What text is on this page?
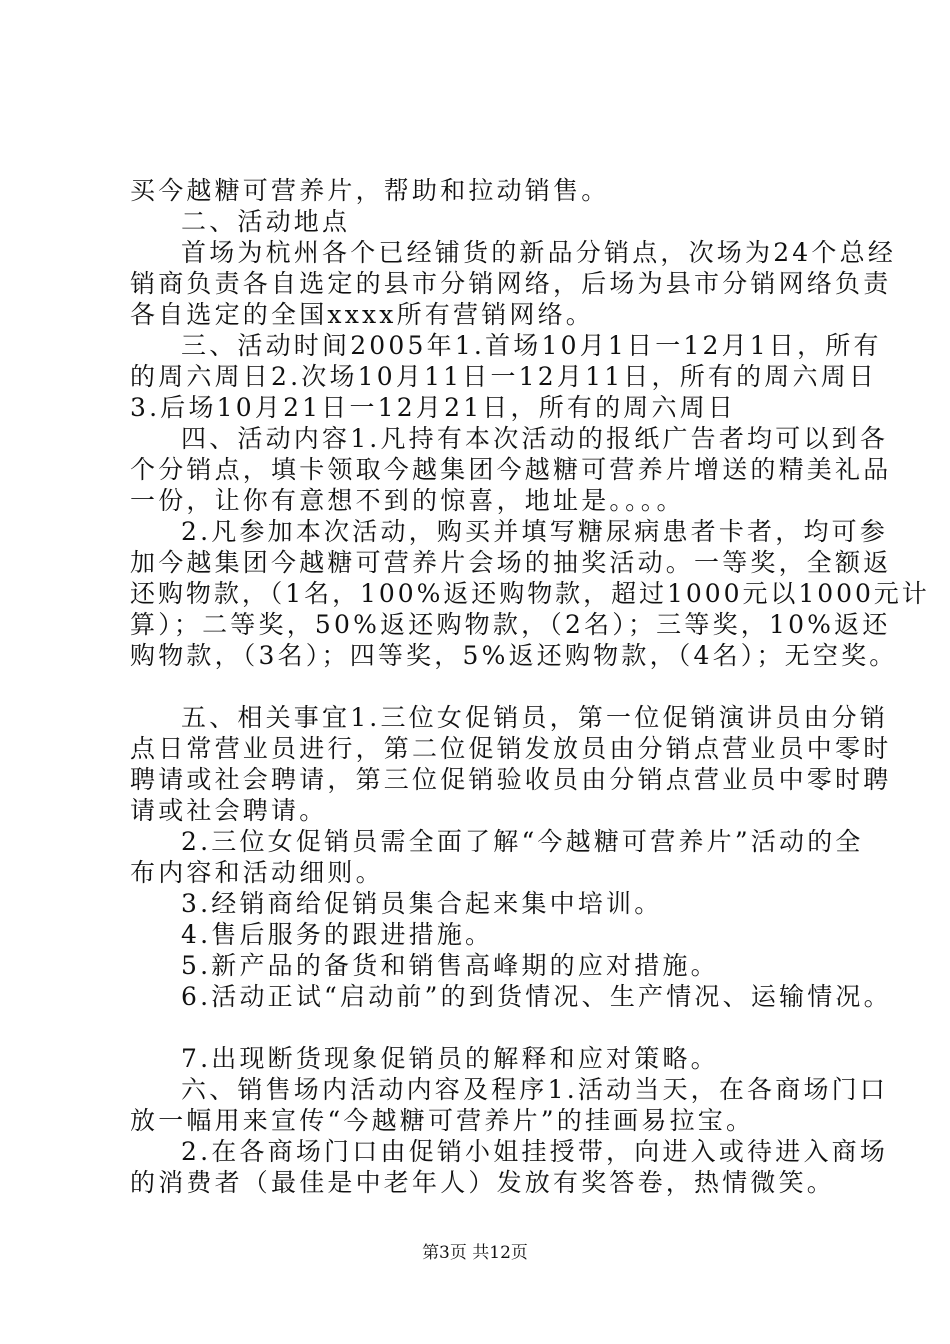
买今越糖可营养片，帮助和拉动销售。
二、活动地点
首场为杭州各个已经铺货的新品分销点，次场为24个总经
销商负责各自选定的县市分销网络，后场为县市分销网络负责
各自选定的全国xxxx所有营销网络。
三、活动时间2005年1.首场10月1日一12月1日，所有
的周六周日2.次场10月11日一12月11日，所有的周六周日
3.后场10月21日一12月21日，所有的周六周日
四、活动内容1.凡持有本次活动的报纸广告者均可以到各
个分销点，填卡领取今越集团今越糖可营养片增送的精美礼品
一份，让你有意想不到的惊喜，地址是。。。。
2.凡参加本次活动，购买并填写糖尿病患者卡者，均可参
加今越集团今越糖可营养片会场的抽奖活动。一等奖，全额返
还购物款，（1名，100%返还购物款，超过1000元以1000元计
算）；二等奖，50%返还购物款，（2名）；三等奖，10%返还
购物款，（3名）；四等奖，5%返还购物款，（4名）；无空奖。
五、相关事宜1.三位女促销员，第一位促销演讲员由分销
点日常营业员进行，第二位促销发放员由分销点营业员中零时
聘请或社会聘请，第三位促销验收员由分销点营业员中零时聘
请或社会聘请。
2.三位女促销员需全面了解“今越糖可营养片”活动的全
布内容和活动细则。
3.经销商给促销员集合起来集中培训。
4.售后服务的跟进措施。
5.新产品的备货和销售高峰期的应对措施。
6.活动正试“启动前”的到货情况、生产情况、运输情况。
7.出现断货现象促销员的解释和应对策略。
六、销售场内活动内容及程序1.活动当天，在各商场门口
放一幅用来宣传“今越糖可营养片”的挂画易拉宝。
2.在各商场门口由促销小姐挂授带，向进入或待进入商场
的消费者（最佳是中老年人）发放有奖答卷，热情微笑。
第3页 共12页
